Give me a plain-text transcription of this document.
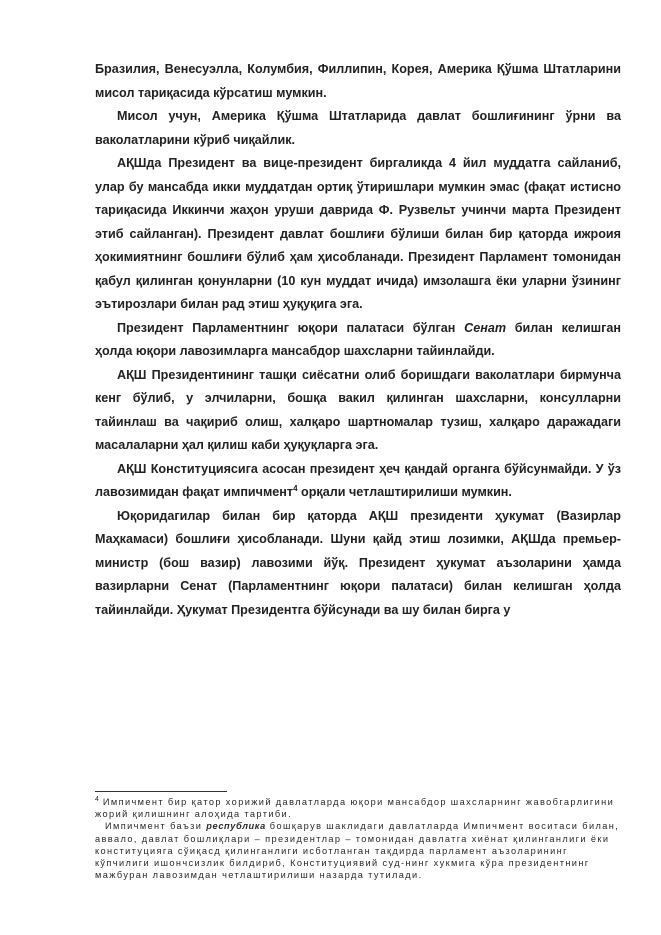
Бразилия, Венесуэлла, Колумбия, Филлипин, Корея, Америка Қўшма Штатларини мисол тариқасида кўрсатиш мумкин.

Мисол учун, Америка Қўшма Штатларида давлат бошлиғининг ўрни ва ваколатларини кўриб чиқайлик.

АҚШда Президент ва вице-президент биргаликда 4 йил муддатга сайланиб, улар бу мансабда икки муддатдан ортиқ ўтиришлари мумкин эмас (фақат истисно тариқасида Иккинчи жаҳон уруши даврида Ф. Рузвельт учинчи марта Президент этиб сайланган). Президент давлат бошлиғи бўлиши билан бир қаторда ижроия ҳокимиятнинг бошлиғи бўлиб ҳам ҳисобланади. Президент Парламент томонидан қабул қилинган қонунларни (10 кун муддат ичида) имзолашга ёки уларни ўзининг эътирозлари билан рад этиш ҳуқуқига эга.

Президент Парламентнинг юқори палатаси бўлган Сенат билан келишган ҳолда юқори лавозимларга мансабдор шахсларни тайинлайди.

АҚШ Президентининг ташқи сиёсатни олиб боришдаги ваколатлари бирмунча кенг бўлиб, у элчиларни, бошқа вакил қилинган шахсларни, консулларни тайинлаш ва чақириб олиш, халқаро шартномалар тузиш, халқаро даражадаги масалаларни ҳал қилиш каби ҳуқуқларга эга.

АҚШ Конституциясига асосан президент ҳеч қандай органга бўйсунмайди. У ўз лавозимидан фақат импичмент$^4$ орқали четлаштирилиши мумкин.

Юқоридагилар билан бир қаторда АҚШ президенти ҳукумат (Вазирлар Маҳкамаси) бошлиғи ҳисобланади. Шуни қайд этиш лозимки, АҚШда премьер-министр (бош вазир) лавозими йўқ. Президент ҳукумат аъзоларини ҳамда вазирларни Сенат (Парламентнинг юқори палатаси) билан келишган ҳолда тайинлайди. Ҳукумат Президентга бўйсунади ва шу билан бирга у

$^4$ Импичмент бир қатор хорижий давлатларда юқори мансабдор шахсларнинг жавобгарлигини жорий қилишнинг алоҳида тартиби.

Импичмент баъзи республика бошқарув шаклидаги давлатларда Импичмент воситаси билан, аввало, давлат бошлиқлари – президентлар – томонидан давлатга хиёнат қилинганлиги ёки конституцияга сўиқасд қилинганлиги исботланган тақдирда парламент аъзоларининг кўпчилиги ишончсизлик билдириб, Конституциявий суд-нинг хукмига кўра президентнинг мажбуран лавозимдан четлаштирилиши назарда тутилади.
